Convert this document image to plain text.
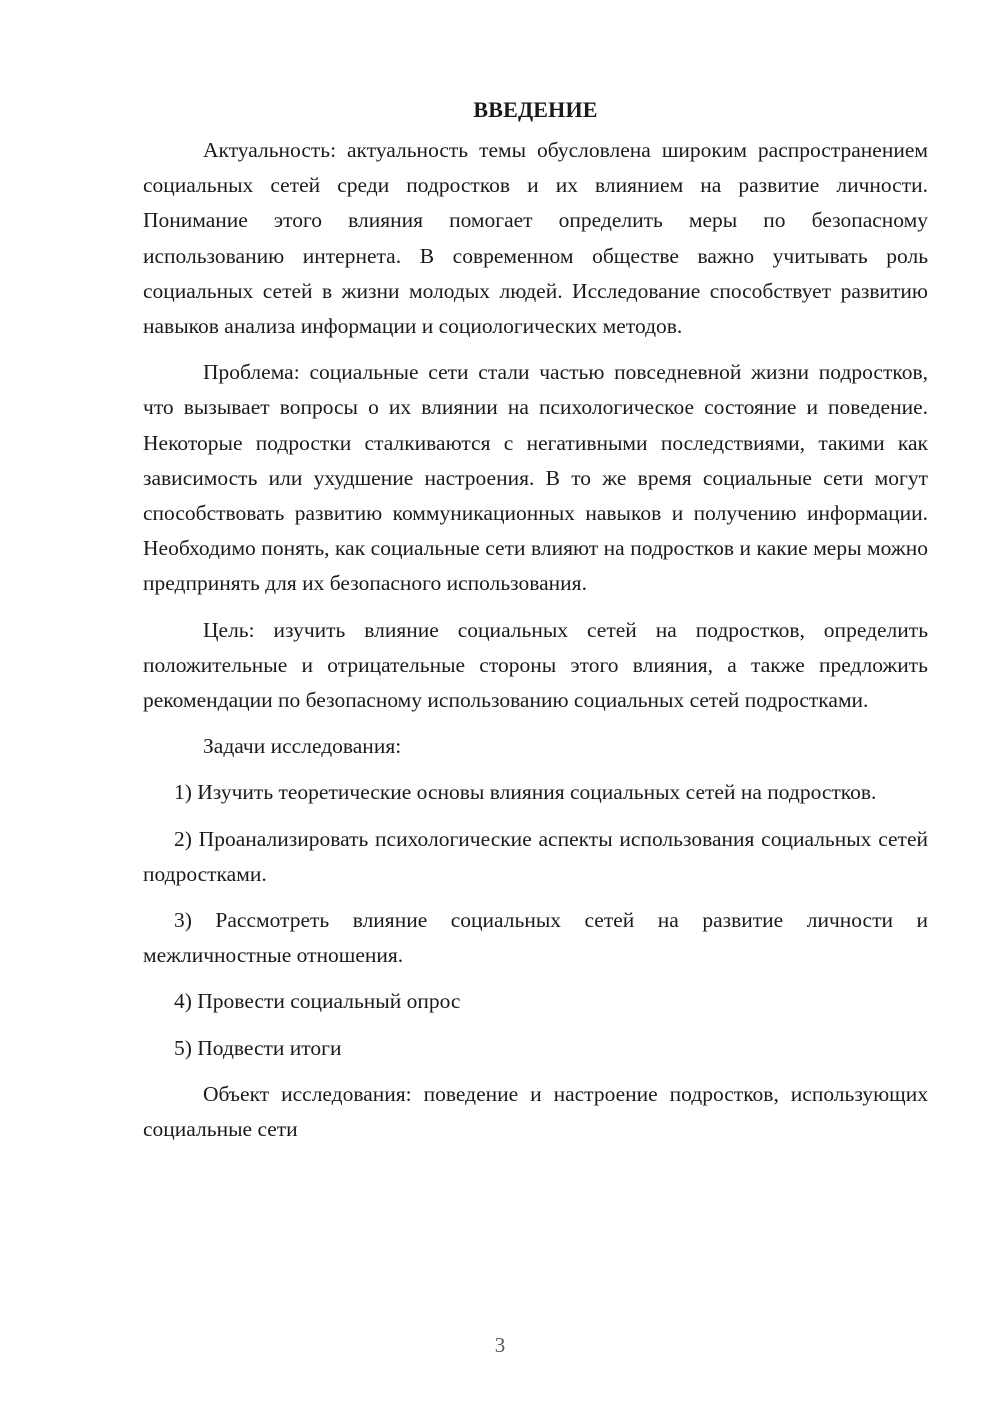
ВВЕДЕНИЕ

Актуальность: актуальность темы обусловлена широким распространением социальных сетей среди подростков и их влиянием на развитие личности. Понимание этого влияния помогает определить меры по безопасному использованию интернета. В современном обществе важно учитывать роль социальных сетей в жизни молодых людей. Исследование способствует развитию навыков анализа информации и социологических методов.

Проблема: социальные сети стали частью повседневной жизни подростков, что вызывает вопросы о их влиянии на психологическое состояние и поведение. Некоторые подростки сталкиваются с негативными последствиями, такими как зависимость или ухудшение настроения. В то же время социальные сети могут способствовать развитию коммуникационных навыков и получению информации. Необходимо понять, как социальные сети влияют на подростков и какие меры можно предпринять для их безопасного использования.

Цель: изучить влияние социальных сетей на подростков, определить положительные и отрицательные стороны этого влияния, а также предложить рекомендации по безопасному использованию социальных сетей подростками.

Задачи исследования:

1) Изучить теоретические основы влияния социальных сетей на подростков.

2) Проанализировать психологические аспекты использования социальных сетей подростками.

3) Рассмотреть влияние социальных сетей на развитие личности и межличностные отношения.

4) Провести социальный опрос

5) Подвести итоги

Объект исследования: поведение и настроение подростков, использующих социальные сети

3
